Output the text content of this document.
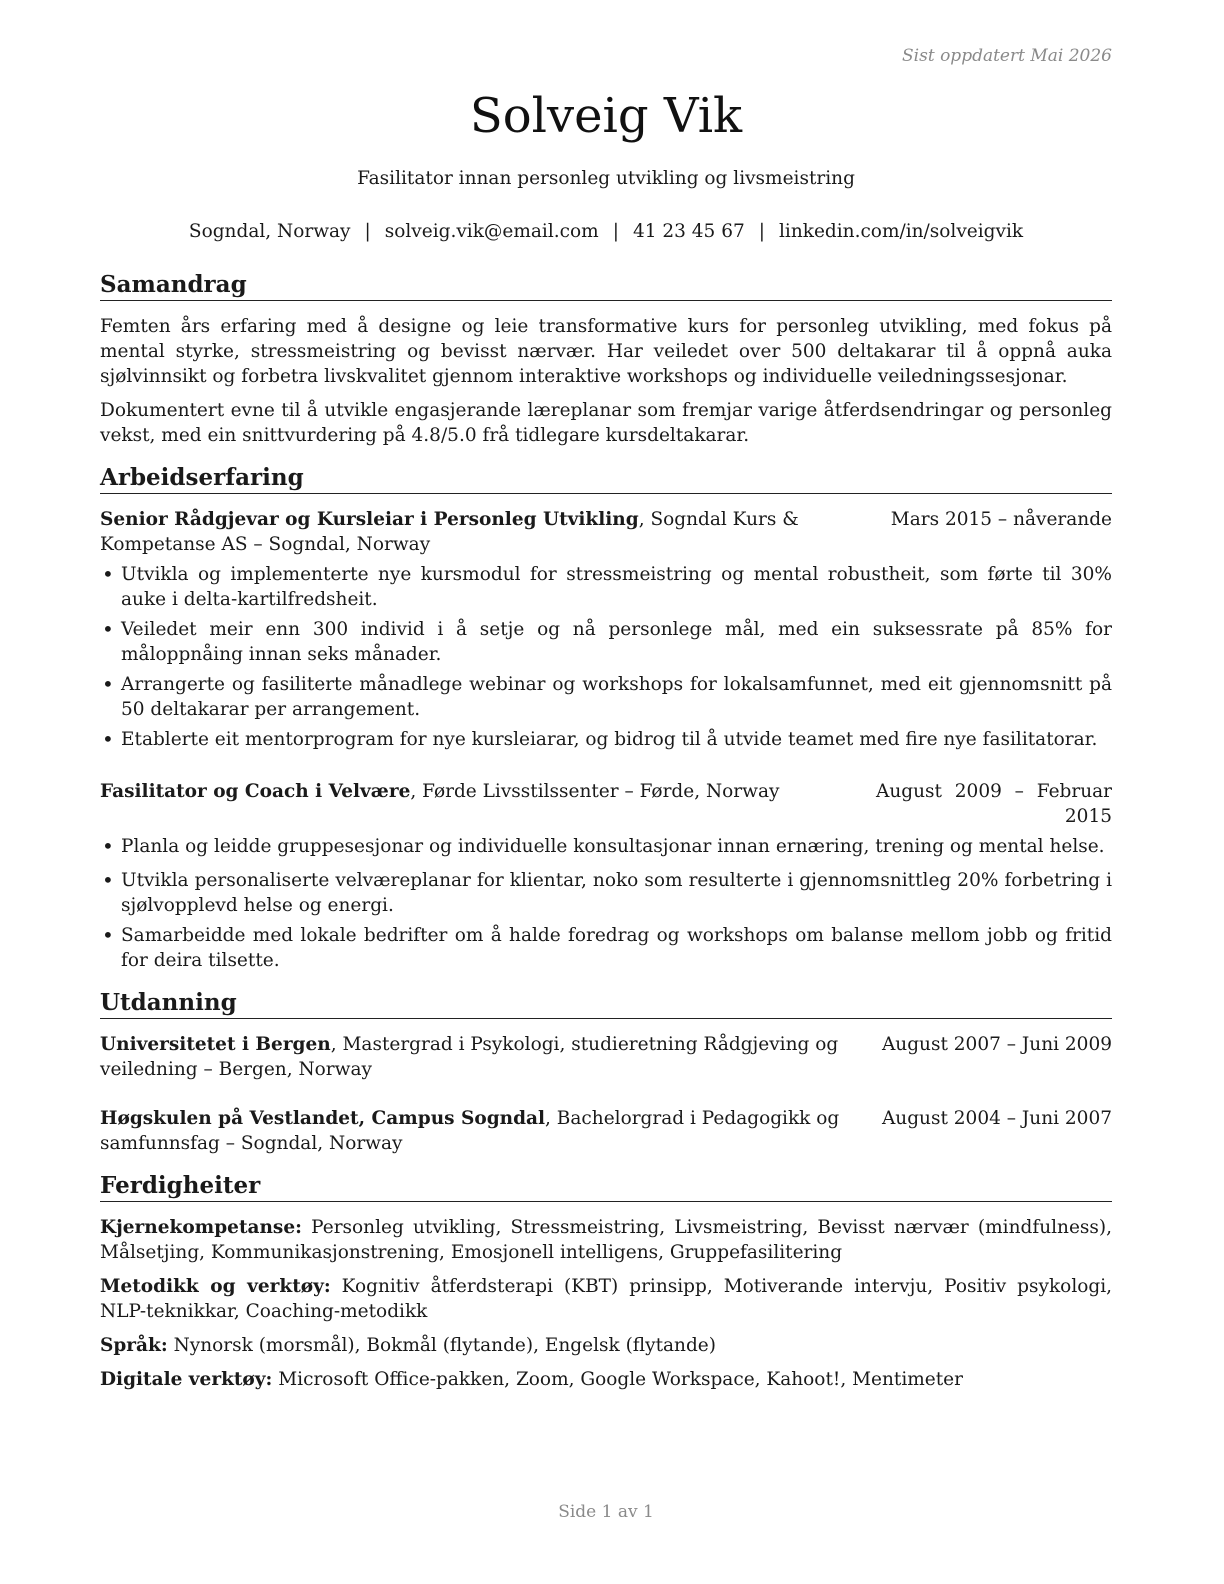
Sist oppdatert Mai 2026
Solveig Vik
Fasilitator innan personleg utvikling og livsmeistring
Sogndal, Norway | solveig.vik@email.com | 41 23 45 67 | linkedin.com/in/solveigvik
Samandrag

Femten års erfaring med å designe og leie transformative kurs for personleg utvikling, med fokus på mental styrke, stressmeistring og bevisst nærvær. Har veiledet over 500 deltakarar til å oppnå auka sjølvinnsikt og forbetra livskvalitet gjennom interaktive workshops og individuelle veiledningssesjonar.

Dokumentert evne til å utvikle engasjerande læreplanar som fremjar varige åtferdsendringar og personleg vekst, med ein snittvurdering på 4.8/5.0 frå tidlegare kursdeltakarar.

Arbeidserfaring
Senior Rådgjevar og Kursleiar i Personleg Utvikling, Sogndal Kurs & Kompetanse AS – Sogndal, Norway
Mars 2015 – nåverande
• Utvikla og implementerte nye kursmodul for stressmeistring og mental robustheit, som førte til 30% auke i delta-kartilfredsheit.
• Veiledet meir enn 300 individ i å setje og nå personlege mål, med ein suksessrate på 85% for måloppnåing innan seks månader.
• Arrangerte og fasiliterte månadlege webinar og workshops for lokalsamfunnet, med eit gjennomsnitt på 50 deltakarar per arrangement.
• Etablerte eit mentorprogram for nye kursleiarar, og bidrog til å utvide teamet med fire nye fasilitatorar.
Fasilitator og Coach i Velvære, Førde Livsstilssenter – Førde, Norway	August 2009 – Februar 2015
• Planla og leidde gruppesesjonar og individuelle konsultasjonar innan ernæring, trening og mental helse.
• Utvikla personaliserte velværeplanar for klientar, noko som resulterte i gjennomsnittleg 20% forbetring i sjølvopplevd helse og energi.
• Samarbeidde med lokale bedrifter om å halde foredrag og workshops om balanse mellom jobb og fritid for deira tilsette.
Utdanning
Universitetet i Bergen, Mastergrad i Psykologi, studieretning Rådgjeving og veiledning – Bergen, Norway
August 2007 – Juni 2009
Høgskulen på Vestlandet, Campus Sogndal, Bachelorgrad i Pedagogikk og samfunnsfag – Sogndal, Norway
August 2004 – Juni 2007
Ferdigheiter

Kjernekompetanse: Personleg utvikling, Stressmeistring, Livsmeistring, Bevisst nærvær (mindfulness), Målsetjing, Kommunikasjonstrening, Emosjonell intelligens, Gruppefasilitering

Metodikk og verktøy: Kognitiv åtferdsterapi (KBT) prinsipp, Motiverande intervju, Positiv psykologi, NLP-teknikkar, Coaching-metodikk

Språk: Nynorsk (morsmål), Bokmål (flytande), Engelsk (flytande)

Digitale verktøy: Microsoft Office-pakken, Zoom, Google Workspace, Kahoot!, Mentimeter

Side 1 av 1
